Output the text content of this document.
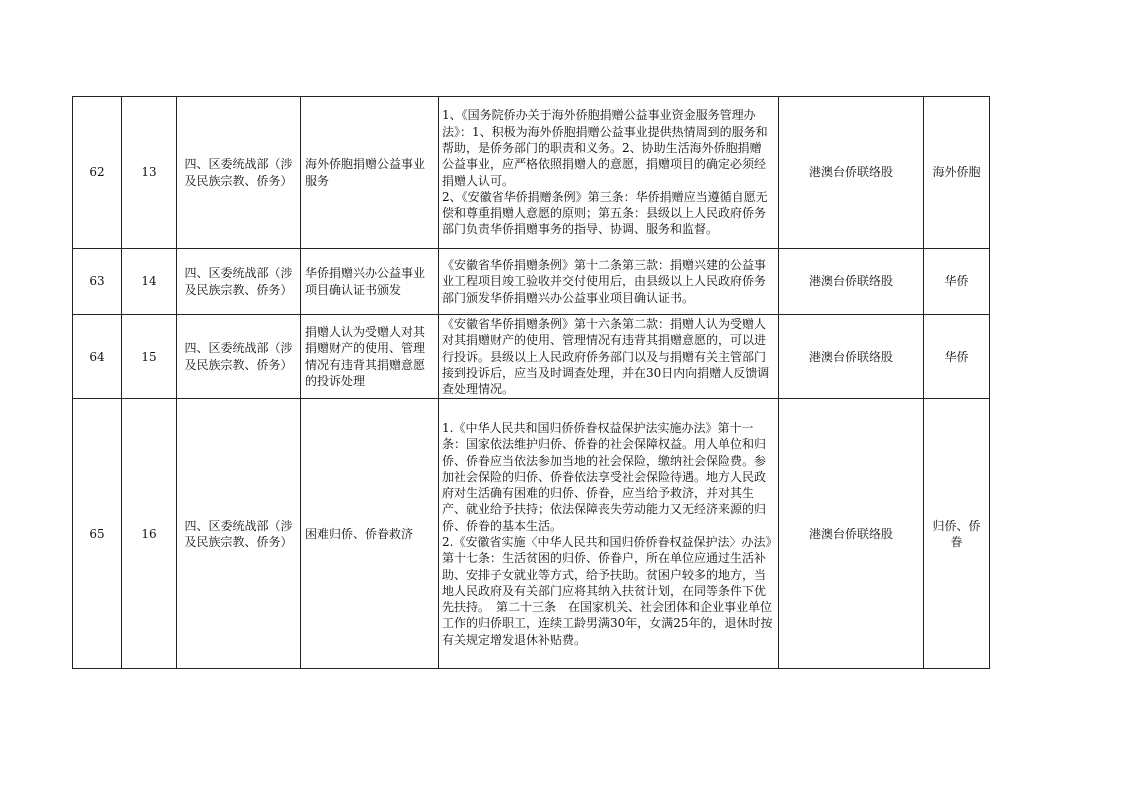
62	13	四、区委统战部（涉及民族宗教、侨务）	海外侨胞捐赠公益事业服务	1、《国务院侨办关于海外侨胞捐赠公益事业资金服务管理办法》：1、积极为海外侨胞捐赠公益事业提供热情周到的服务和帮助，是侨务部门的职责和义务。2、协助生活海外侨胞捐赠公益事业，应严格依照捐赠人的意愿，捐赠项目的确定必须经捐赠人认可。
2、《安徽省华侨捐赠条例》第三条：华侨捐赠应当遵循自愿无偿和尊重捐赠人意愿的原则；第五条：县级以上人民政府侨务部门负责华侨捐赠事务的指导、协调、服务和监督。	港澳台侨联络股	海外侨胞
63	14	四、区委统战部（涉及民族宗教、侨务）	华侨捐赠兴办公益事业项目确认证书颁发	《安徽省华侨捐赠条例》第十二条第三款：捐赠兴建的公益事业工程项目竣工验收并交付使用后，由县级以上人民政府侨务部门颁发华侨捐赠兴办公益事业项目确认证书。	港澳台侨联络股	华侨
64	15	四、区委统战部（涉及民族宗教、侨务）	捐赠人认为受赠人对其捐赠财产的使用、管理情况有违背其捐赠意愿的投诉处理	《安徽省华侨捐赠条例》第十六条第二款：捐赠人认为受赠人对其捐赠财产的使用、管理情况有违背其捐赠意愿的，可以进行投诉。县级以上人民政府侨务部门以及与捐赠有关主管部门接到投诉后，应当及时调查处理，并在30日内向捐赠人反馈调查处理情况。	港澳台侨联络股	华侨
65	16	四、区委统战部（涉及民族宗教、侨务）	困难归侨、侨眷救济	1.《中华人民共和国归侨侨眷权益保护法实施办法》第十一条：国家依法维护归侨、侨眷的社会保障权益。用人单位和归侨、侨眷应当依法参加当地的社会保险，缴纳社会保险费。参加社会保险的归侨、侨眷依法享受社会保险待遇。地方人民政府对生活确有困难的归侨、侨眷，应当给予救济，并对其生产、就业给予扶持；依法保障丧失劳动能力又无经济来源的归侨、侨眷的基本生活。
2.《安徽省实施〈中华人民共和国归侨侨眷权益保护法〉办法》第十七条：生活贫困的归侨、侨眷户，所在单位应通过生活补助、安排子女就业等方式，给予扶助。贫困户较多的地方，当地人民政府及有关部门应将其纳入扶贫计划，在同等条件下优先扶持。　第二十三条　在国家机关、社会团体和企业事业单位工作的归侨职工，连续工龄男满30年，女满25年的，退休时按有关规定增发退休补贴费。	港澳台侨联络股	归侨、侨眷
